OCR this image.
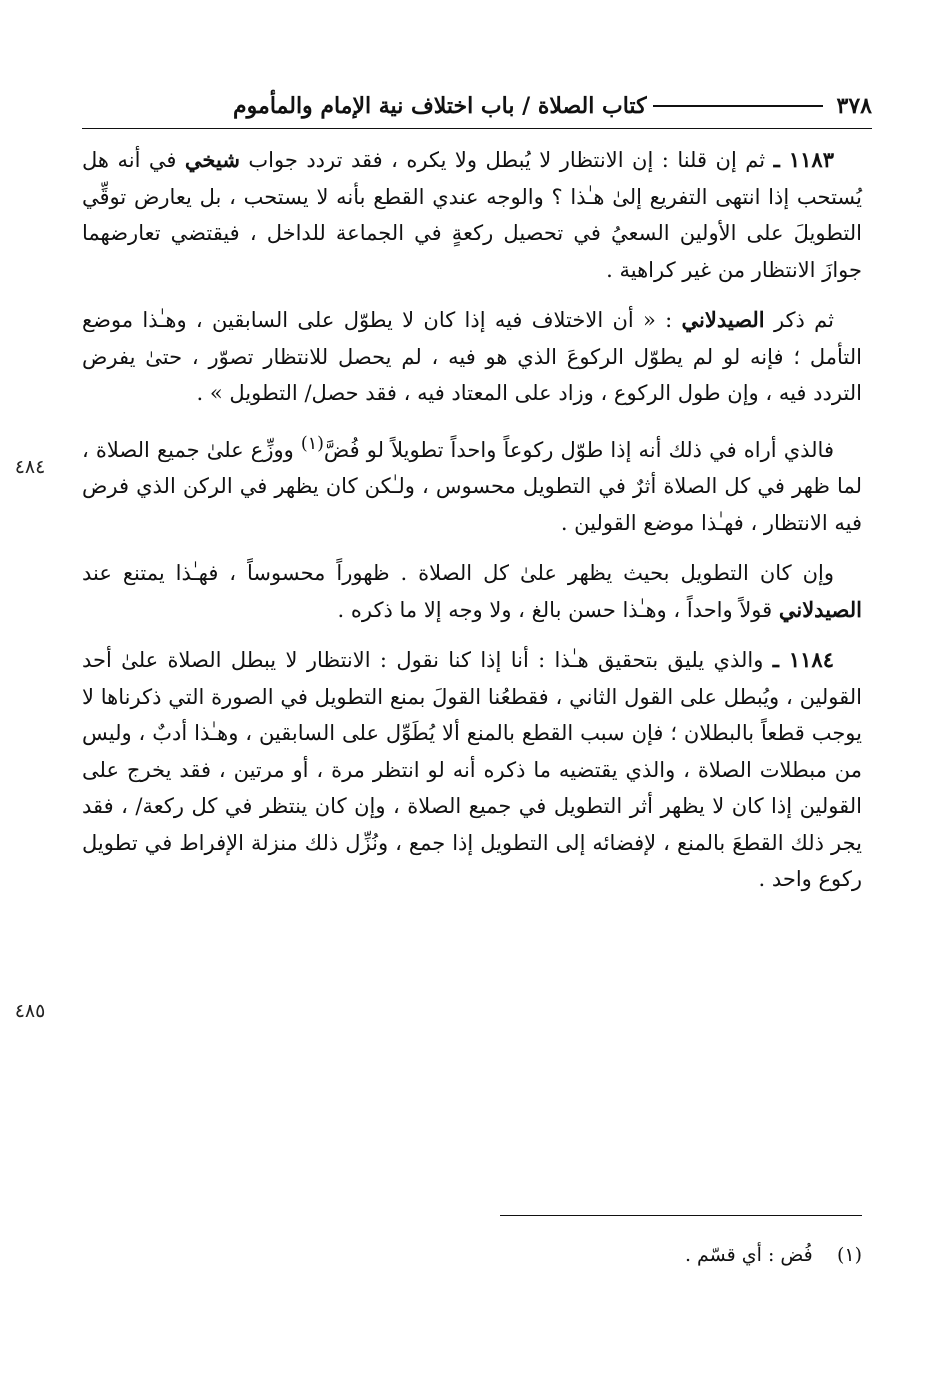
٣٧٨
كتاب الصلاة / باب اختلاف نية الإمام والمأموم

١١٨٣ ـ ثم إن قلنا : إن الانتظار لا يُبطل ولا يكره ، فقد تردد جواب شيخي في أنه هل يُستحب إذا انتهى التفريع إلىٰ هـٰذا ؟ والوجه عندي القطع بأنه لا يستحب ، بل يعارض توقِّي التطويلَ على الأولين السعيُ في تحصيل ركعةٍ في الجماعة للداخل ، فيقتضي تعارضهما جوازَ الانتظار من غير كراهية .

ثم ذكر الصيدلاني : « أن الاختلاف فيه إذا كان لا يطوّل على السابقين ، وهـٰذا موضع التأمل ؛ فإنه لو لم يطوّل الركوعَ الذي هو فيه ، لم يحصل للانتظار تصوّر ، حتىٰ يفرض التردد فيه ، وإن طول الركوع ، وزاد على المعتاد فيه ، فقد حصل/ التطويل » .

فالذي أراه في ذلك أنه إذا طوّل ركوعاً واحداً تطويلاً لو فُضَّ$^{(١)}$ ووزِّع علىٰ جميع الصلاة ، لما ظهر في كل الصلاة أثرٌ في التطويل محسوس ، ولـٰكن كان يظهر في الركن الذي فرض فيه الانتظار ، فهـٰذا موضع القولين .

وإن كان التطويل بحيث يظهر علىٰ كل الصلاة . ظهوراً محسوساً ، فهـٰذا يمتنع عند الصيدلاني قولاً واحداً ، وهـٰذا حسن بالغ ، ولا وجه إلا ما ذكره .

١١٨٤ ـ والذي يليق بتحقيق هـٰذا : أنا إذا كنا نقول : الانتظار لا يبطل الصلاة علىٰ أحد القولين ، ويُبطل على القول الثاني ، فقطعُنا القولَ بمنع التطويل في الصورة التي ذكرناها لا يوجب قطعاً بالبطلان ؛ فإن سبب القطع بالمنع ألا يُطَوِّل على السابقين ، وهـٰذا أدبٌ ، وليس من مبطلات الصلاة ، والذي يقتضيه ما ذكره أنه لو انتظر مرة ، أو مرتين ، فقد يخرج على القولين إذا كان لا يظهر أثر التطويل في جميع الصلاة ، وإن كان ينتظر في كل ركعة/ ، فقد يجر ذلك القطعَ بالمنع ، لإفضائه إلى التطويل إذا جمع ، ونُزِّل ذلك منزلة الإفراط في تطويل ركوع واحد .

٤٨٤
٤٨٥
(١)    فُض : أي قسّم .
